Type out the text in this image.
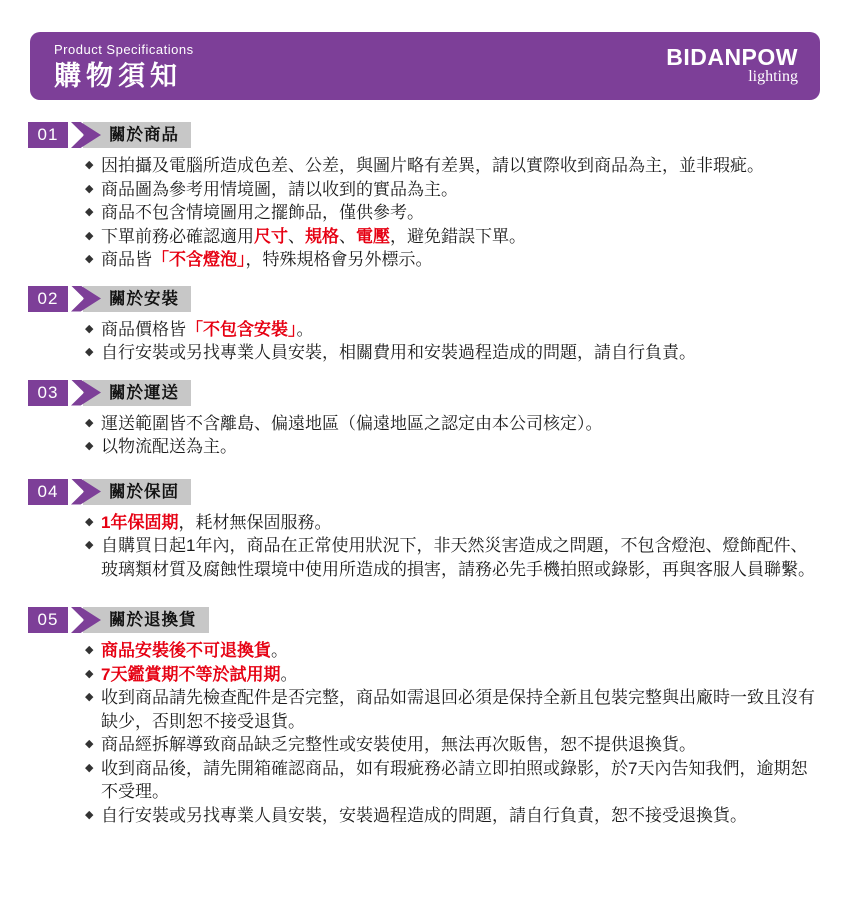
Product Specifications
購物須知
BIDANPOW
lighting
01	關於商品
◆ 因拍攝及電腦所造成色差、公差，與圖片略有差異，請以實際收到商品為主，並非瑕疵。
◆ 商品圖為參考用情境圖，請以收到的實品為主。
◆ 商品不包含情境圖用之擺飾品，僅供參考。
◆ 下單前務必確認適用尺寸、規格、電壓，避免錯誤下單。
◆ 商品皆「不含燈泡」，特殊規格會另外標示。
02	關於安裝
◆ 商品價格皆「不包含安裝」。
◆ 自行安裝或另找專業人員安裝，相關費用和安裝過程造成的問題，請自行負責。
03	關於運送
◆ 運送範圍皆不含離島、偏遠地區（偏遠地區之認定由本公司核定）。
◆ 以物流配送為主。
04	關於保固
◆ 1年保固期，耗材無保固服務。
◆ 自購買日起1年內，商品在正常使用狀況下，非天然災害造成之問題，不包含燈泡、燈飾配件、玻璃類材質及腐蝕性環境中使用所造成的損害，請務必先手機拍照或錄影，再與客服人員聯繫。
05	關於退換貨
◆ 商品安裝後不可退換貨。
◆ 7天鑑賞期不等於試用期。
◆ 收到商品請先檢查配件是否完整，商品如需退回必須是保持全新且包裝完整與出廠時一致且沒有缺少，否則恕不接受退貨。
◆ 商品經拆解導致商品缺乏完整性或安裝使用，無法再次販售，恕不提供退換貨。
◆ 收到商品後，請先開箱確認商品，如有瑕疵務必請立即拍照或錄影，於7天內告知我們，逾期恕不受理。
◆ 自行安裝或另找專業人員安裝，安裝過程造成的問題，請自行負責，恕不接受退換貨。
